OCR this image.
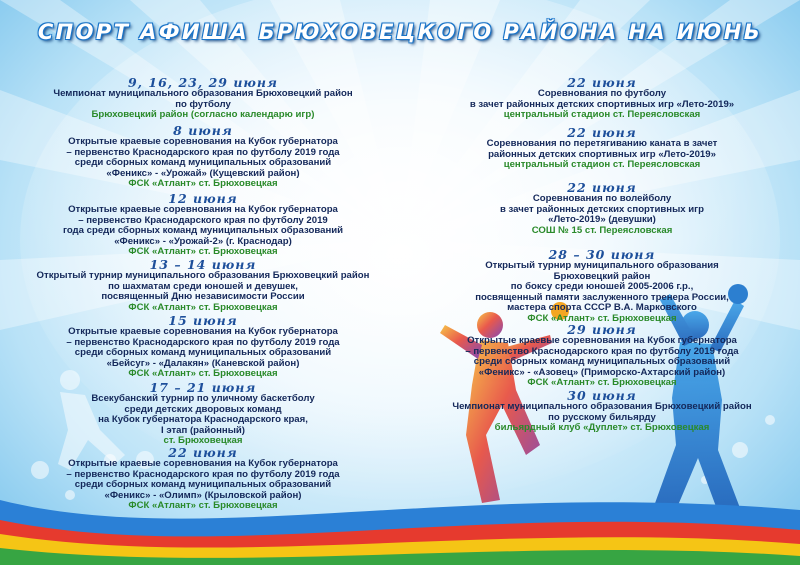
СПОРТ АФИША БРЮХОВЕЦКОГО РАЙОНА НА ИЮНЬ
9, 16, 23, 29 июня
Чемпионат муниципального образования Брюховецкий район
по футболу
Брюховецкий район (согласно календарю игр)
8 июня
Открытые краевые соревнования на Кубок губернатора
– первенство Краснодарского края по футболу 2019 года
среди сборных команд муниципальных образований
«Феникс» - «Урожай» (Кущевский район)
ФСК «Атлант» ст. Брюховецкая
12 июня
Открытые краевые соревнования на Кубок губернатора
– первенство Краснодарского края по футболу 2019
года среди сборных команд муниципальных образований
«Феникс» - «Урожай-2» (г. Краснодар)
ФСК «Атлант» ст. Брюховецкая
13 – 14 июня
Открытый турнир муниципального образования Брюховецкий район
по шахматам среди юношей и девушек,
посвященный Дню независимости России
ФСК «Атлант» ст. Брюховецкая
15 июня
Открытые краевые соревнования на Кубок губернатора
– первенство Краснодарского края по футболу 2019 года
среди сборных команд муниципальных образований
«Бейсуг» - «Далакян» (Каневской район)
ФСК «Атлант» ст. Брюховецкая
17 – 21 июня
Всекубанский турнир по уличному баскетболу
среди детских дворовых команд
на Кубок губернатора Краснодарского края,
I этап (районный)
ст. Брюховецкая
22 июня
Открытые краевые соревнования на Кубок губернатора
– первенство Краснодарского края по футболу 2019 года
среди сборных команд муниципальных образований
«Феникс» - «Олимп» (Крыловской район)
ФСК «Атлант» ст. Брюховецкая
22 июня
Соревнования по футболу
в зачет районных детских спортивных игр «Лето-2019»
центральный стадион ст. Переясловская
22 июня
Соревнования по перетягиванию каната в зачет
районных детских спортивных игр «Лето-2019»
центральный стадион ст. Переясловская
22 июня
Соревнования по волейболу
в зачет районных детских спортивных игр
«Лето-2019» (девушки)
СОШ № 15 ст. Переясловская
28 – 30 июня
Открытый турнир муниципального образования
Брюховецкий район
по боксу среди юношей 2005-2006 г.р.,
посвященный памяти заслуженного тренера России,
мастера спорта СССР В.А. Марковского
ФСК «Атлант» ст. Брюховецкая
29 июня
Открытые краевые соревнования на Кубок губернатора
– первенство Краснодарского края по футболу 2019 года
среди сборных команд муниципальных образований
«Феникс» - «Азовец» (Приморско-Ахтарский район)
ФСК «Атлант» ст. Брюховецкая
30 июня
Чемпионат муниципального образования Брюховецкий район
по русскому бильярду
бильярдный клуб «Дуплет» ст. Брюховецкая
